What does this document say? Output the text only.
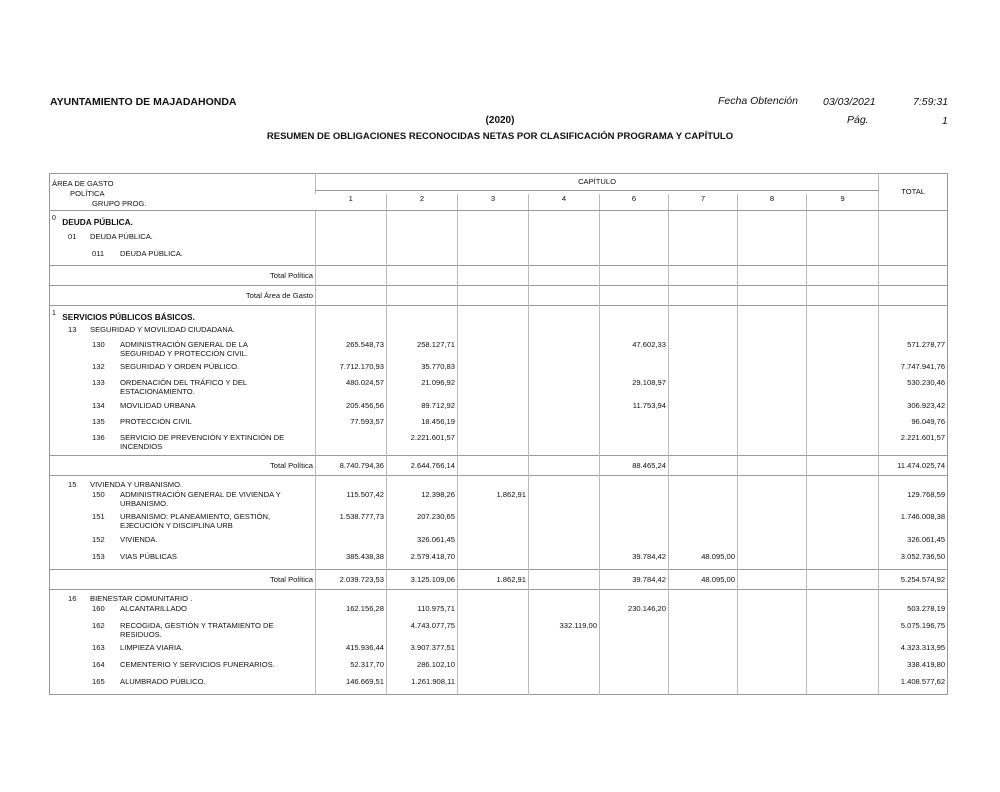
AYUNTAMIENTO DE MAJADAHONDA	Fecha Obtención 03/03/2021	7:59:31
Pág.	1
(2020)
RESUMEN DE OBLIGACIONES RECONOCIDAS NETAS POR CLASIFICACIÓN PROGRAMA Y CAPÍTULO
ÁREA DE GASTO
POLÍTICA
GRUPO PROG.	CAPÍTULO								TOTAL

	1	2	3	4	6	7	8	9	
0 DEUDA PÚBLICA.									
01 DEUDA PÚBLICA.									
011 DEUDA PÚBLICA.									
Total Política									
Total Área de Gasto									
1 SERVICIOS PÚBLICOS BÁSICOS.									
13 SEGURIDAD Y MOVILIDAD CIUDADANA.									
130 ADMINISTRACIÓN GENERAL DE LA SEGURIDAD Y PROTECCIÓN CIVIL.	265.548,73	258.127,71			47.602,33				571.278,77
132 SEGURIDAD Y ORDEN PÚBLICO.	7.712.170,93	35.770,83							7.747.941,76
133 ORDENACIÓN DEL TRÁFICO Y DEL ESTACIONAMIENTO.	480.024,57	21.096,92			29.108,97				530.230,46
134 MOVILIDAD URBANA	205.456,56	89.712,92			11.753,94				306.923,42
135 PROTECCIÓN CIVIL	77.593,57	18.456,19							96.049,76
136 SERVICIO DE PREVENCIÓN Y EXTINCIÓN DE INCENDIOS		2.221.601,57							2.221.601,57
Total Política	8.740.794,36	2.644.766,14			88.465,24				11.474.025,74
15 VIVIENDA Y URBANISMO.									
150 ADMINISTRACIÓN GENERAL DE VIVIENDA Y URBANISMO.	115.507,42	12.398,26	1.862,91						129.768,59
151 URBANISMO: PLANEAMIENTO, GESTIÓN, EJECUCIÓN Y DISCIPLINA URB	1.538.777,73	207.230,65							1.746.008,38
152 VIVIENDA.		326.061,45							326.061,45
153 VIAS PÚBLICAS	385.438,38	2.579.418,70			39.784,42	48.095,00			3.052.736,50
Total Política	2.039.723,53	3.125.109,06	1.862,91		39.784,42	48.095,00			5.254.574,92
16 BIENESTAR COMUNITARIO .									
160 ALCANTARILLADO	162.156,28	110.975,71			230.146,20				503.278,19
162 RECOGIDA, GESTIÓN Y TRATAMIENTO DE RESIDUOS.		4.743.077,75		332.119,00					5.075.196,75
163 LIMPIEZA VIARIA.	415.936,44	3.907.377,51							4.323.313,95
164 CEMENTERIO Y SERVICIOS FUNERARIOS.	52.317,70	286.102,10							338.419,80
165 ALUMBRADO PÚBLICO.	146.669,51	1.261.908,11							1.408.577,62
